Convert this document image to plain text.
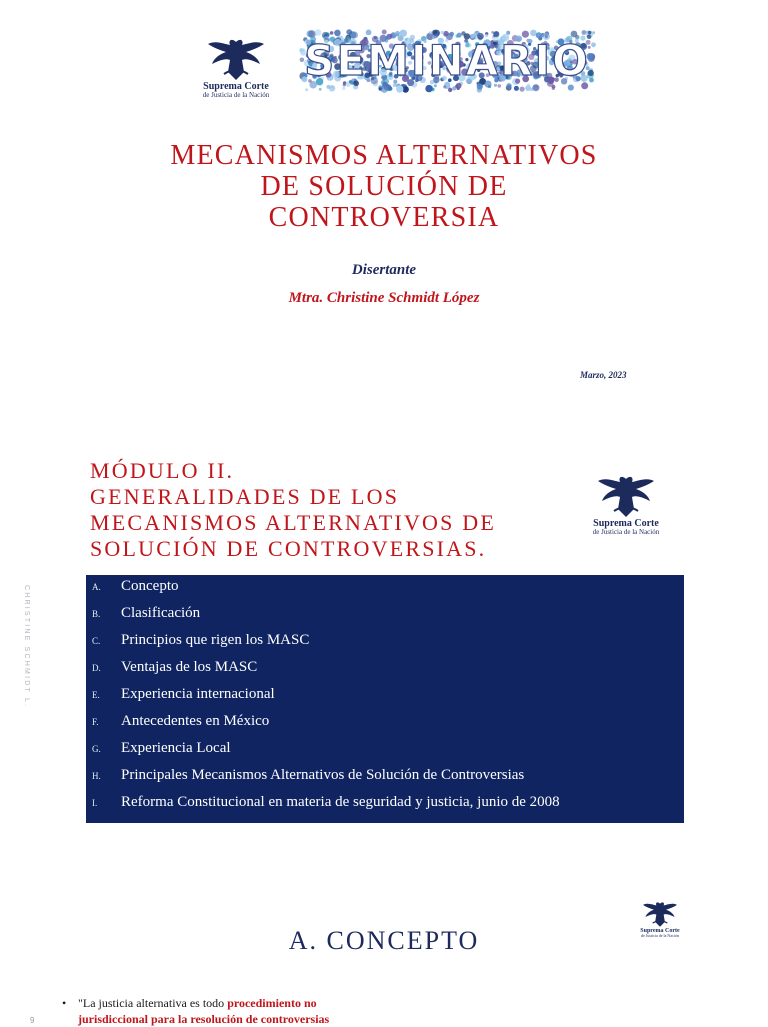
Suprema Corte
de Justicia de la Nación
SEMINARIO
MECANISMOS ALTERNATIVOS
DE SOLUCIÓN DE
CONTROVERSIA
Disertante
Mtra. Christine Schmidt López
Marzo, 2023
MÓDULO II.
GENERALIDADES DE LOS
MECANISMOS ALTERNATIVOS DE
SOLUCIÓN DE CONTROVERSIAS.
Suprema Corte
de Justicia de la Nación
CHRISTINE SCHMIDT L.	A. Concepto
B. Clasificación
C. Principios que rigen los MASC
D. Ventajas de los MASC
E. Experiencia internacional
F. Antecedentes en México
G. Experiencia Local
H. Principales Mecanismos Alternativos de Solución de Controversias
I. Reforma Constitucional en materia de seguridad y justicia, junio de 2008
Suprema Corte
de Justicia de la Nación
A. CONCEPTO
• "La justicia alternativa es todo procedimiento no
jurisdiccional para la resolución de controversias
9
